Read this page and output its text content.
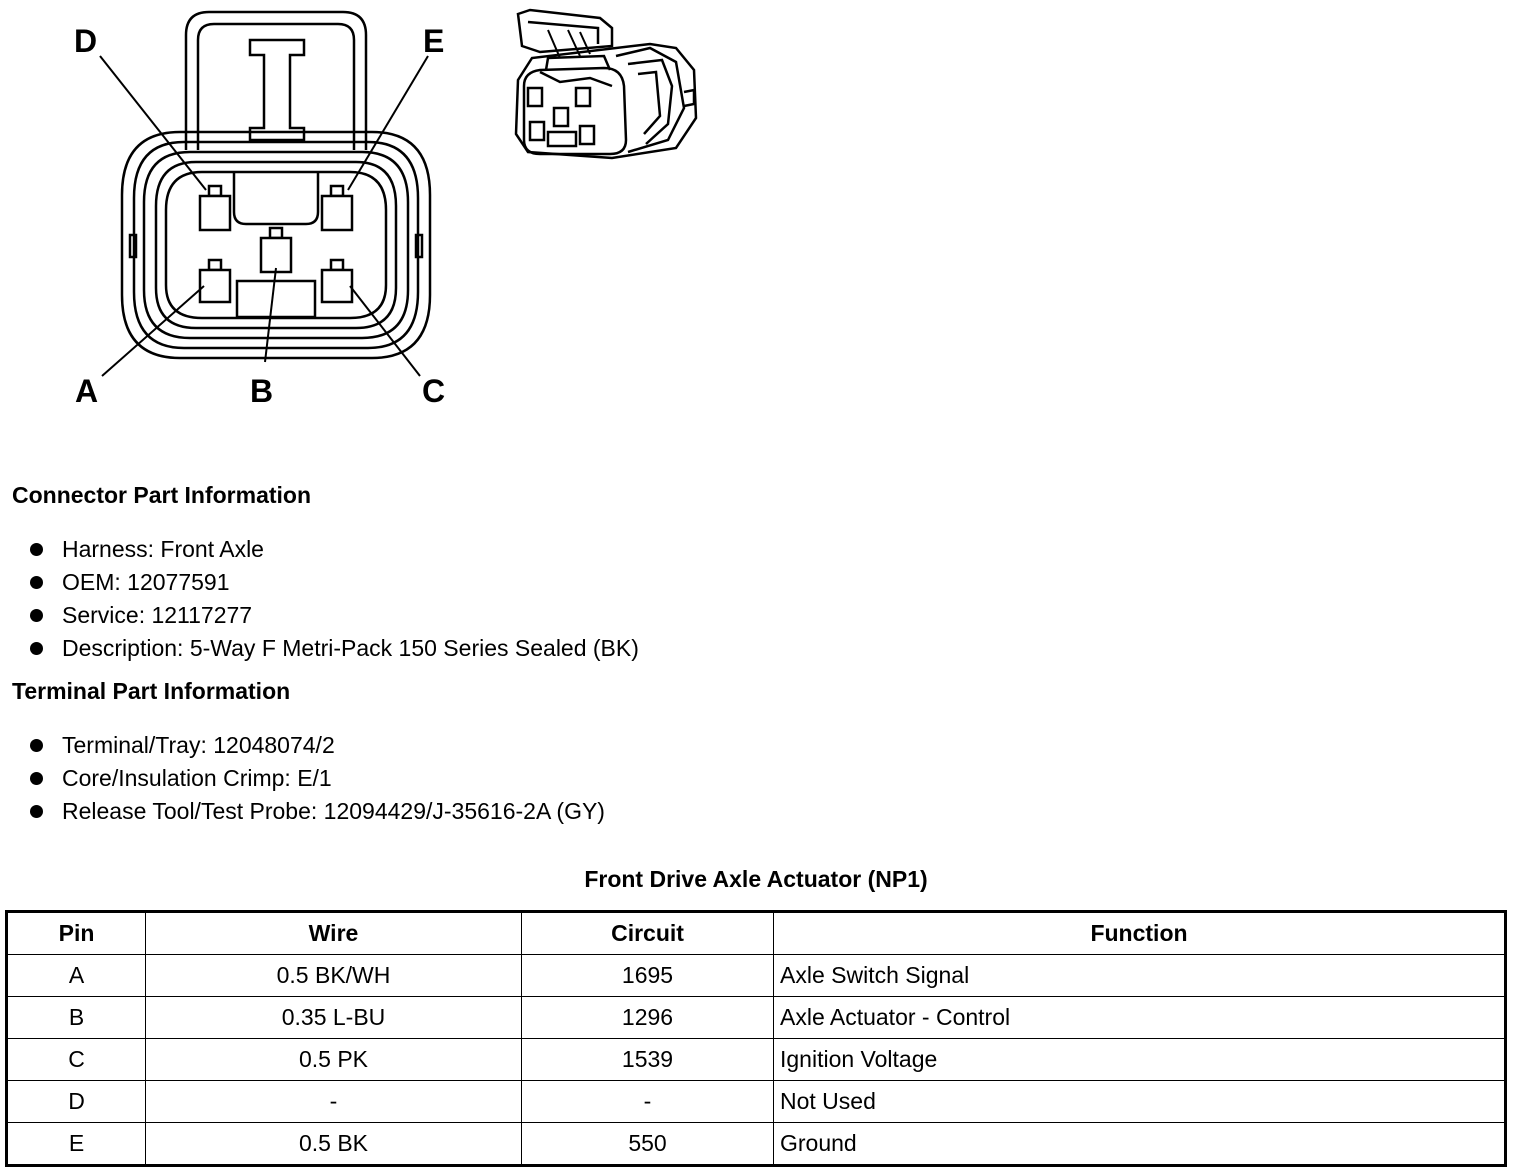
D	E
A	B	C
Connector Part Information
Harness: Front Axle
OEM: 12077591
Service: 12117277
Description: 5-Way F Metri-Pack 150 Series Sealed (BK)
Terminal Part Information
Terminal/Tray: 12048074/2
Core/Insulation Crimp: E/1
Release Tool/Test Probe: 12094429/J-35616-2A (GY)
Front Drive Axle Actuator (NP1)
Pin	Wire	Circuit	Function
A	0.5 BK/WH	1695	Axle Switch Signal
B	0.35 L-BU	1296	Axle Actuator - Control
C	0.5 PK	1539	Ignition Voltage
D	-	-	Not Used
E	0.5 BK	550	Ground
